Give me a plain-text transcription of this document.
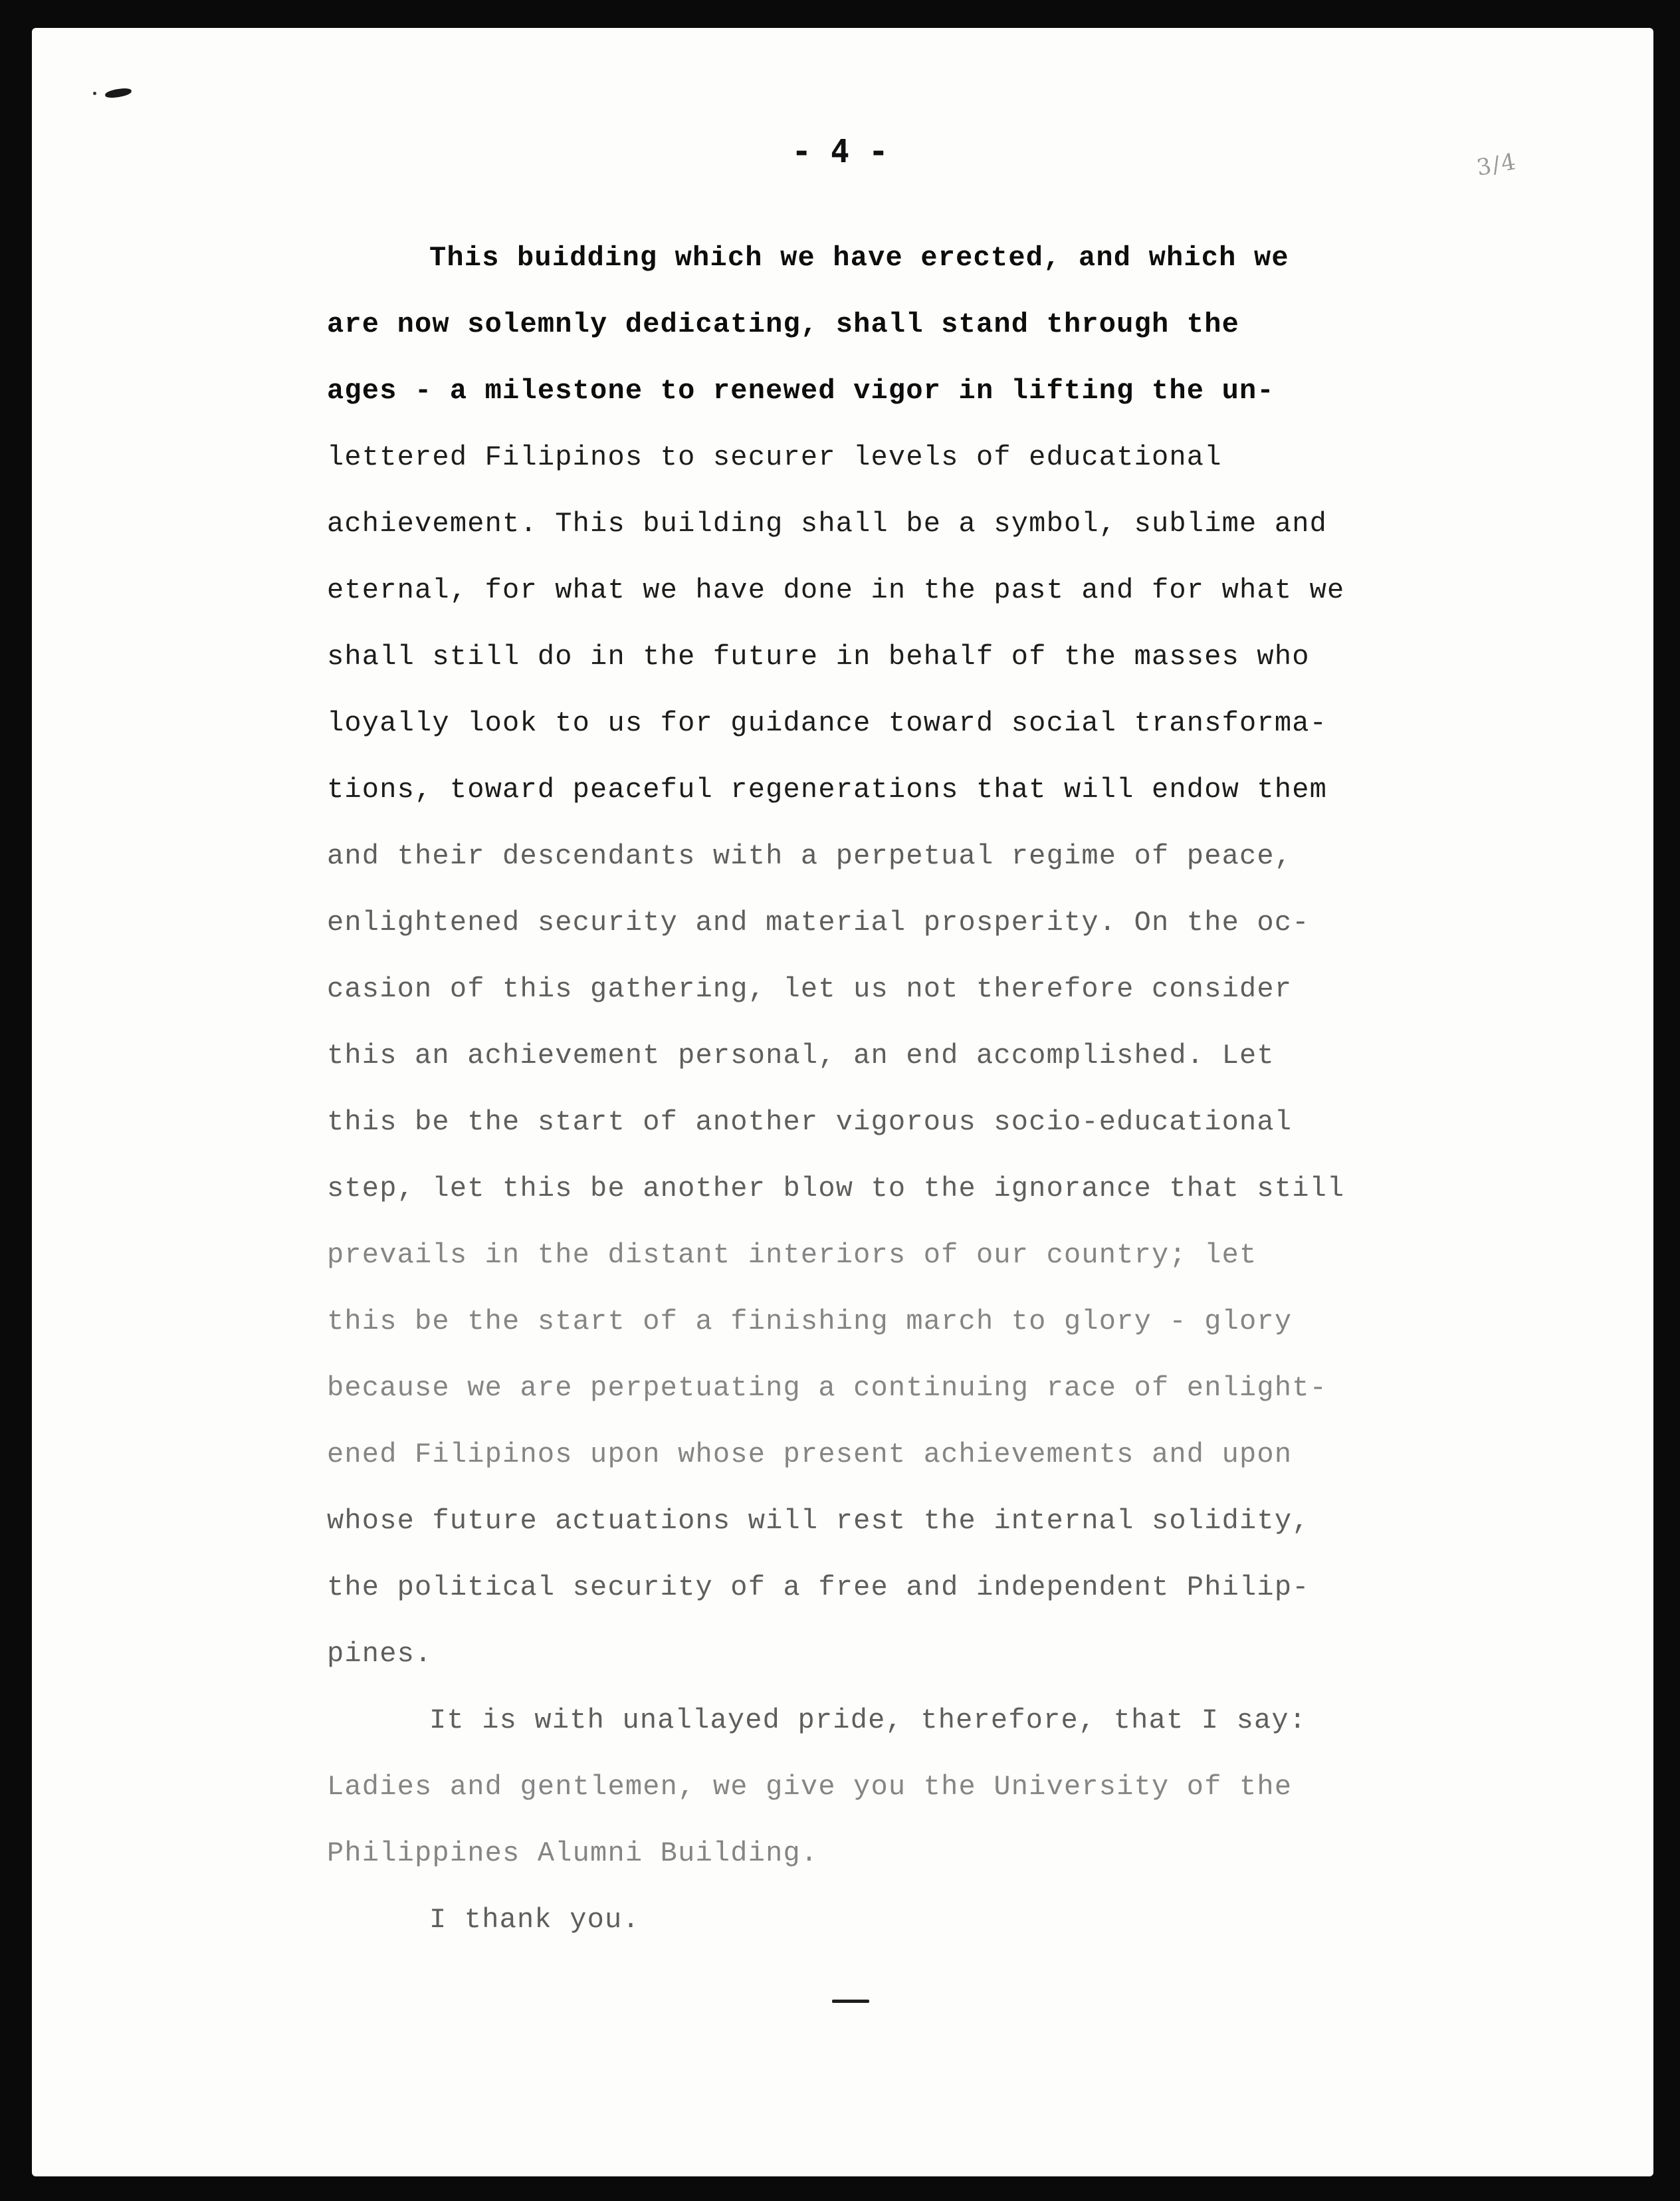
3/4
- 4 -
This buidding which we have erected, and which we
are now solemnly dedicating, shall stand through the
ages - a milestone to renewed vigor in lifting the un-
lettered Filipinos to securer levels of educational
achievement. This building shall be a symbol, sublime and
eternal, for what we have done in the past and for what we
shall still do in the future in behalf of the masses who
loyally look to us for guidance toward social transforma-
tions, toward peaceful regenerations that will endow them
and their descendants with a perpetual regime of peace,
enlightened security and material prosperity. On the oc-
casion of this gathering, let us not therefore consider
this an achievement personal, an end accomplished. Let
this be the start of another vigorous socio-educational
step, let this be another blow to the ignorance that still
prevails in the distant interiors of our country; let
this be the start of a finishing march to glory - glory
because we are perpetuating a continuing race of enlight-
ened Filipinos upon whose present achievements and upon
whose future actuations will rest the internal solidity,
the political security of a free and independent Philip-
pines.
It is with unallayed pride, therefore, that I say:
Ladies and gentlemen, we give you the University of the
Philippines Alumni Building.
I thank you.
